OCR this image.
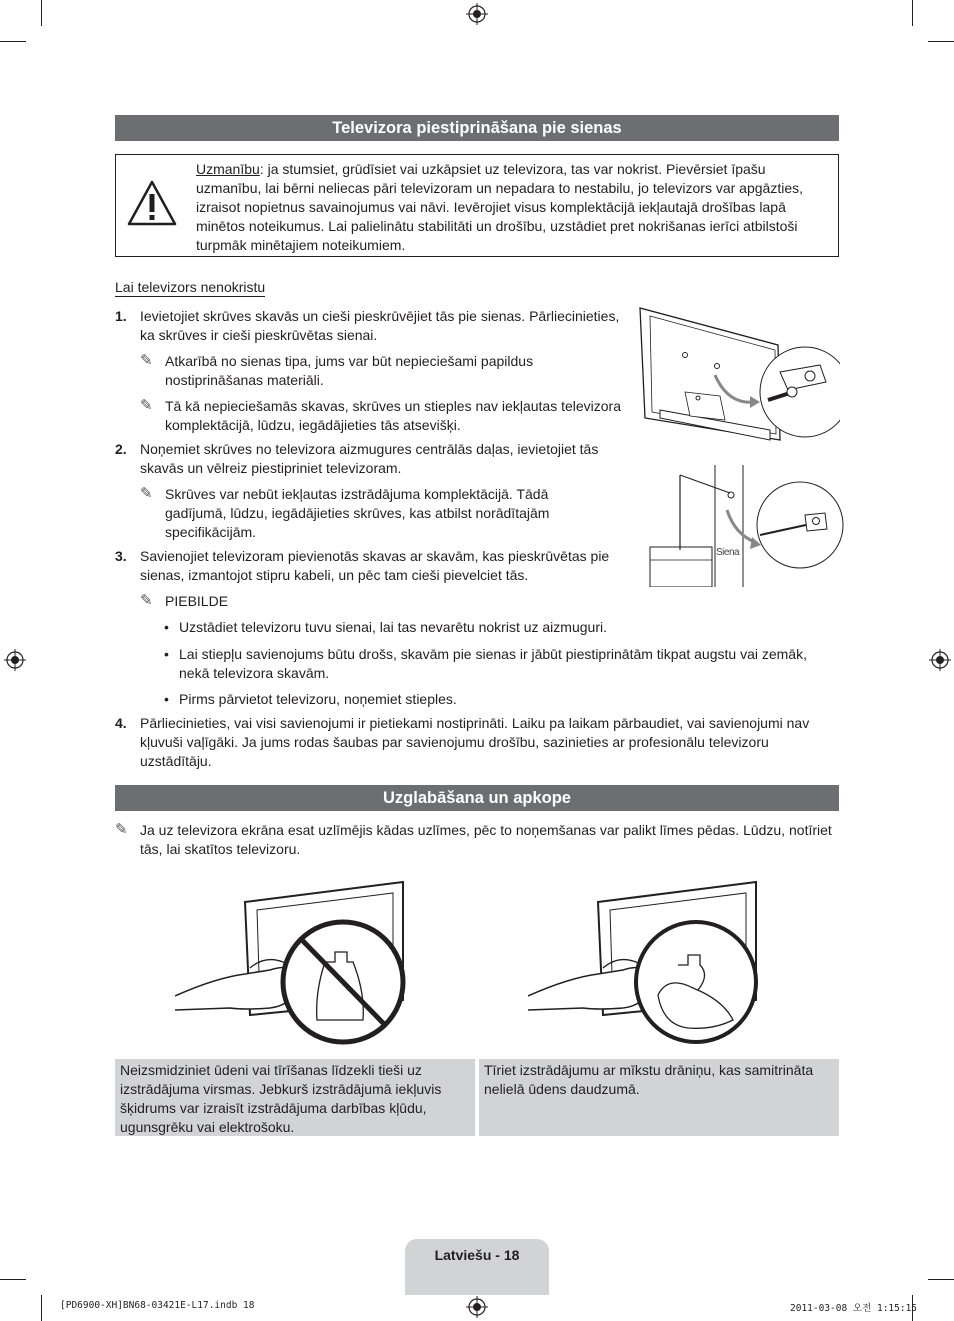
Televizora piestiprināšana pie sienas
Uzmanību: ja stumsiet, grūdīsiet vai uzkāpsiet uz televizora, tas var nokrist. Pievērsiet īpašu uzmanību, lai bērni neliecas pāri televizoram un nepadara to nestabilu, jo televizors var apgāzties, izraisot nopietnus savainojumus vai nāvi. Ievērojiet visus komplektācijā iekļautajā drošības lapā minētos noteikumus. Lai palielinātu stabilitāti un drošību, uzstādiet pret nokrišanas ierīci atbilstoši turpmāk minētajiem noteikumiem.
Lai televizors nenokristu
1. Ievietojiet skrūves skavās un cieši pieskrūvējiet tās pie sienas. Pārliecinieties, ka skrūves ir cieši pieskrūvētas sienai.
✎ Atkarībā no sienas tipa, jums var būt nepieciešami papildus nostiprināšanas materiāli.
✎ Tā kā nepieciešamās skavas, skrūves un stieples nav iekļautas televizora komplektācijā, lūdzu, iegādājieties tās atsevišķi.
2. Noņemiet skrūves no televizora aizmugures centrālās daļas, ievietojiet tās skavās un vēlreiz piestipriniet televizoram.
✎ Skrūves var nebūt iekļautas izstrādājuma komplektācijā. Tādā gadījumā, lūdzu, iegādājieties skrūves, kas atbilst norādītajām specifikācijām.
3. Savienojiet televizoram pievienotās skavas ar skavām, kas pieskrūvētas pie sienas, izmantojot stipru kabeli, un pēc tam cieši pievelciet tās.
✎ PIEBILDE
• Uzstādiet televizoru tuvu sienai, lai tas nevarētu nokrist uz aizmuguri.
• Lai stiepļu savienojums būtu drošs, skavām pie sienas ir jābūt piestiprinātām tikpat augstu vai zemāk, nekā televizora skavām.
• Pirms pārvietot televizoru, noņemiet stieples.
4. Pārliecinieties, vai visi savienojumi ir pietiekami nostiprināti. Laiku pa laikam pārbaudiet, vai savienojumi nav kļuvuši vaļīgāki. Ja jums rodas šaubas par savienojumu drošību, sazinieties ar profesionālu televizoru uzstādītāju.
Siena
Uzglabāšana un apkope
✎ Ja uz televizora ekrāna esat uzlīmējis kādas uzlīmes, pēc to noņemšanas var palikt līmes pēdas. Lūdzu, notīriet tās, lai skatītos televizoru.
Neizsmidziniet ūdeni vai tīrīšanas līdzekli tieši uz izstrādājuma virsmas. Jebkurš izstrādājumā iekļuvis šķidrums var izraisīt izstrādājuma darbības kļūdu, ugunsgrēku vai elektrošoku.
Tīriet izstrādājumu ar mīkstu drāniņu, kas samitrināta nelielā ūdens daudzumā.
Latviešu - 18
[PD6900-XH]BN68-03421E-L17.indb 18	2011-03-08 오전 1:15:15
